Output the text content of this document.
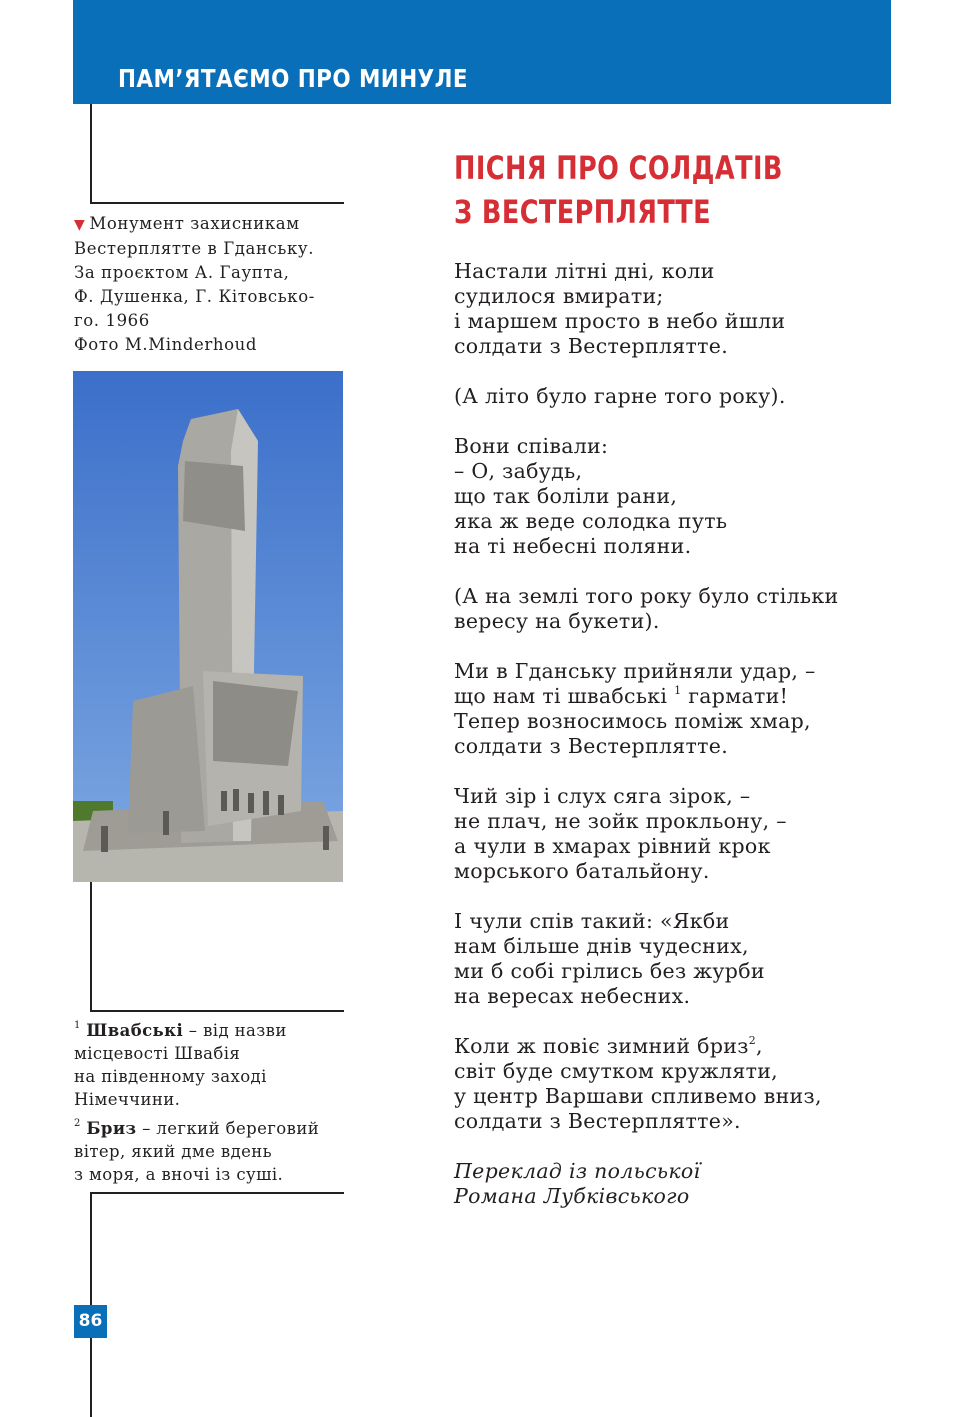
ПАМ’ЯТАЄМО ПРО МИНУЛЕ

▼ Монумент захисникам
Вестерплятте в Гданську.
За проєктом А. Гаупта,
Ф. Душенка, Г. Кітовсько-
го. 1966
Фото M.Minderhoud

$^1$ Швабські – від назви
місцевості Швабія
на південному заході
Німеччини.

$^2$ Бриз – легкий береговий
вітер, який дме вдень
з моря, а вночі із суші.

86
ПІСНЯ ПРО СОЛДАТІВ
З ВЕСТЕРПЛЯТТЕ
Настали літні дні, коли
судилося вмирати;
і маршем просто в небо йшли
солдати з Вестерплятте.
(А літо було гарне того року).
Вони співали:
– О, забудь,
що так боліли рани,
яка ж веде солодка путь
на ті небесні поляни.
(А на землі того року було стільки
вересу на букети).
Ми в Гданську прийняли удар, –
що нам ті швабські $^1$ гармати!
Тепер возносимось поміж хмар,
солдати з Вестерплятте.
Чий зір і слух сяга зірок, –
не плач, не зойк прокльону, –
а чули в хмарах рівний крок
морського батальйону.
І чули спів такий: «Якби
нам більше днів чудесних,
ми б собі грілись без журби
на вересах небесних.
Коли ж повіє зимний бриз$^2$,
світ буде смутком кружляти,
у центр Варшави спливемо вниз,
солдати з Вестерплятте».
Переклад із польської
Романа Лубківського
